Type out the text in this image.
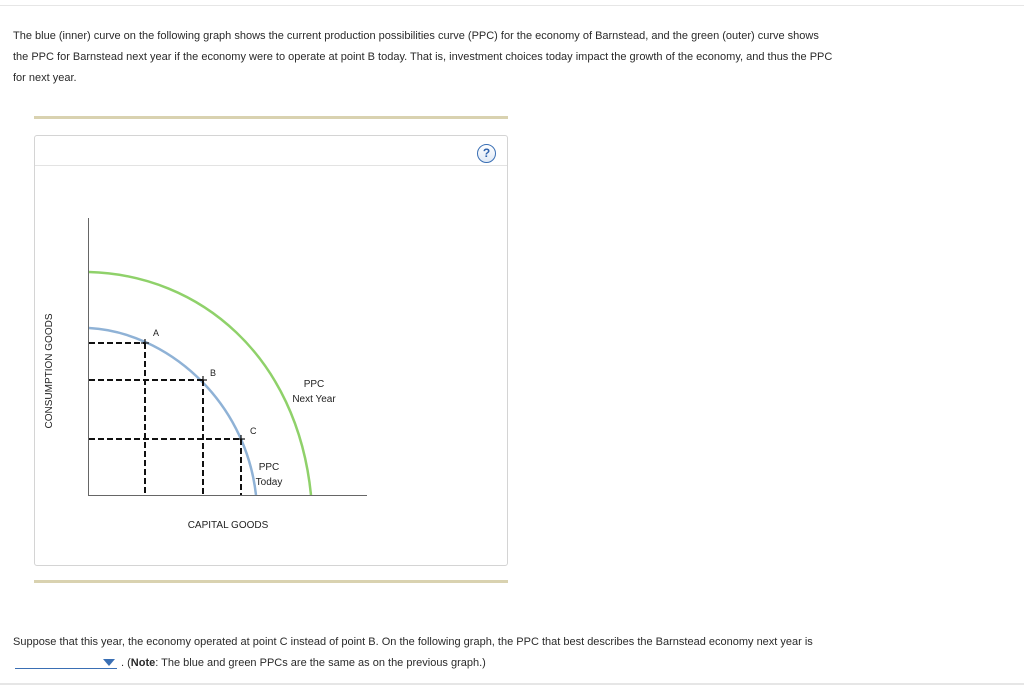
The blue (inner) curve on the following graph shows the current production possibilities curve (PPC) for the economy of Barnstead, and the green (outer) curve shows the PPC for Barnstead next year if the economy were to operate at point B today. That is, investment choices today impact the growth of the economy, and thus the PPC for next year.

?
CONSUMPTION GOODS
CAPITAL GOODS
A
B
C
PPC
Next Year
PPC
Today

Suppose that this year, the economy operated at point C instead of point B. On the following graph, the PPC that best describes the Barnstead economy next year is
. (Note: The blue and green PPCs are the same as on the previous graph.)
